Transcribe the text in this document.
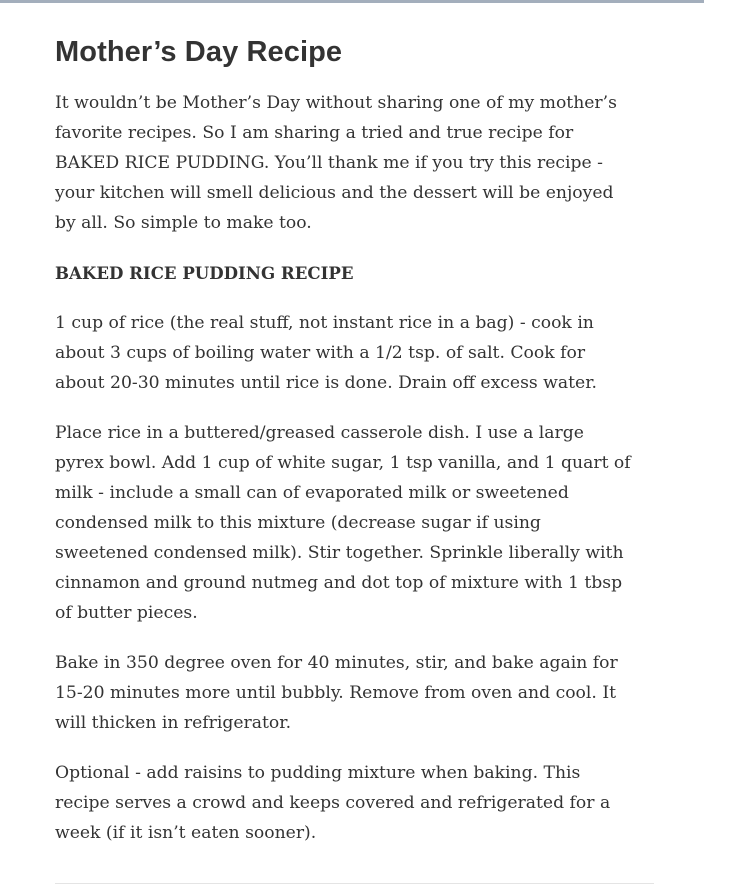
Mother’s Day Recipe

It wouldn’t be Mother’s Day without sharing one of my mother’s
favorite recipes. So I am sharing a tried and true recipe for
BAKED RICE PUDDING. You’ll thank me if you try this recipe -
your kitchen will smell delicious and the dessert will be enjoyed
by all. So simple to make too.

BAKED RICE PUDDING RECIPE

1 cup of rice (the real stuff, not instant rice in a bag) - cook in
about 3 cups of boiling water with a 1/2 tsp. of salt. Cook for
about 20-30 minutes until rice is done. Drain off excess water.

Place rice in a buttered/greased casserole dish. I use a large
pyrex bowl. Add 1 cup of white sugar, 1 tsp vanilla, and 1 quart of
milk - include a small can of evaporated milk or sweetened
condensed milk to this mixture (decrease sugar if using
sweetened condensed milk). Stir together. Sprinkle liberally with
cinnamon and ground nutmeg and dot top of mixture with 1 tbsp
of butter pieces.

Bake in 350 degree oven for 40 minutes, stir, and bake again for
15-20 minutes more until bubbly. Remove from oven and cool. It
will thicken in refrigerator.

Optional - add raisins to pudding mixture when baking. This
recipe serves a crowd and keeps covered and refrigerated for a
week (if it isn’t eaten sooner).
